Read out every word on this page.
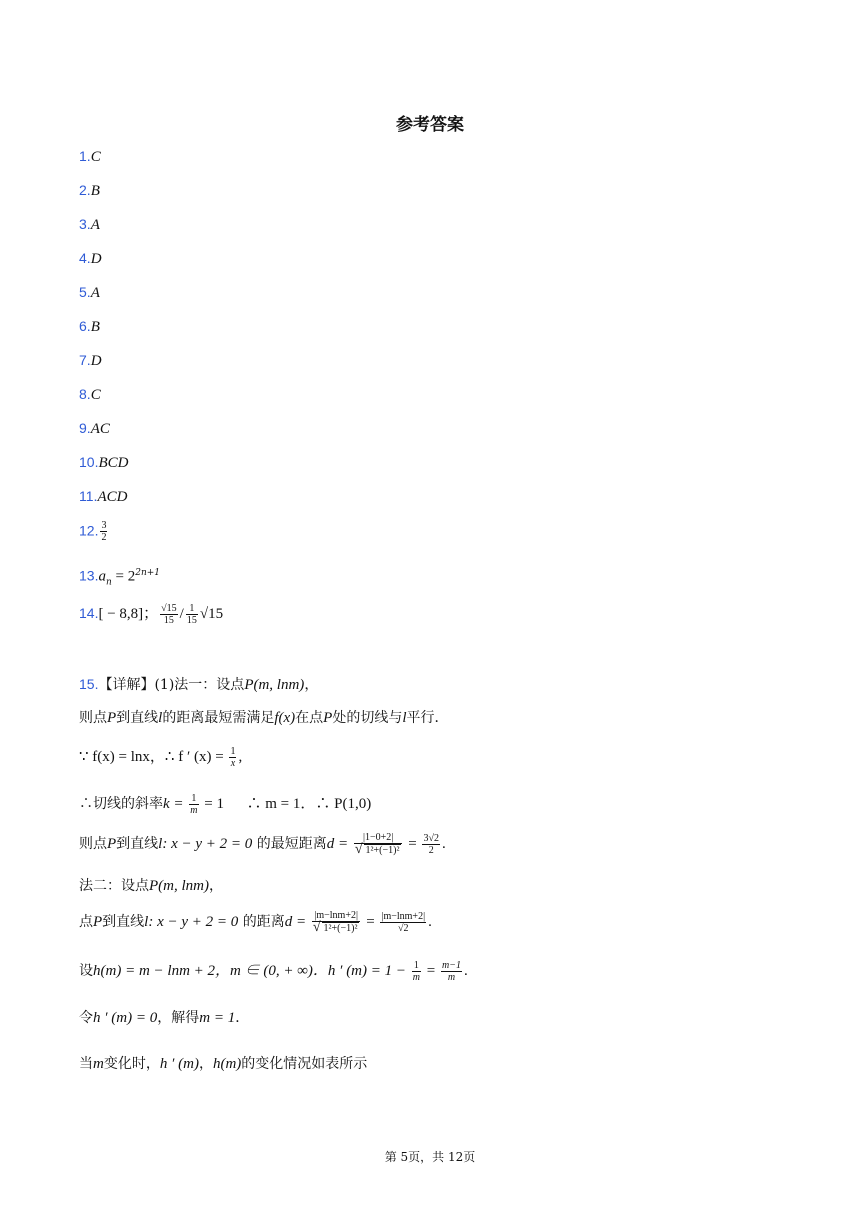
参考答案
1.C
2.B
3.A
4.D
5.A
6.B
7.D
8.C
9.AC
10.BCD
11.ACD
12. $\frac{3}{2}$
$13.a_n = 2^{2n+1}$
14.[ − 8,8]； $\frac{√15}{15} / \frac{1}{15} √15$
15.【详解】(1)法一：设点P(m, lnm)，
则点P到直线l的距离最短需满足f(x)在点P处的切线与l平行．
∵ f(x) = lnx，∴ f ′ $(x) = \frac{1}{x}$ ,
∴切线的斜率$k = \frac{1}{m} = 1$ 　 ∴ m = 1．∴ P(1,0)
则点P到直线l: x − y + 2 = 0 的最短距离$d = \frac{|1-0+2|}{\text{√ 1²+(−1)²}} = \frac{3√2}{2}$ .
法二：设点P(m, lnm)，
点P到直线l: x − y + 2 = 0 的距离$d = \frac{|m-\ln m+2|}{\text{√ 1²+(−1)²}} = \frac{|m-\ln m+2|}{√2}$ .
设h(m) = m − lnm + 2，m ∈ (0, + ∞)．h ′ $(m) = 1 - \frac{1}{m} = \frac{m-1}{m}$ .
令h ′ (m) = 0，解得m = 1．
当m变化时，h ′ (m)，h(m)的变化情况如表所示
第 5页，共 12页
